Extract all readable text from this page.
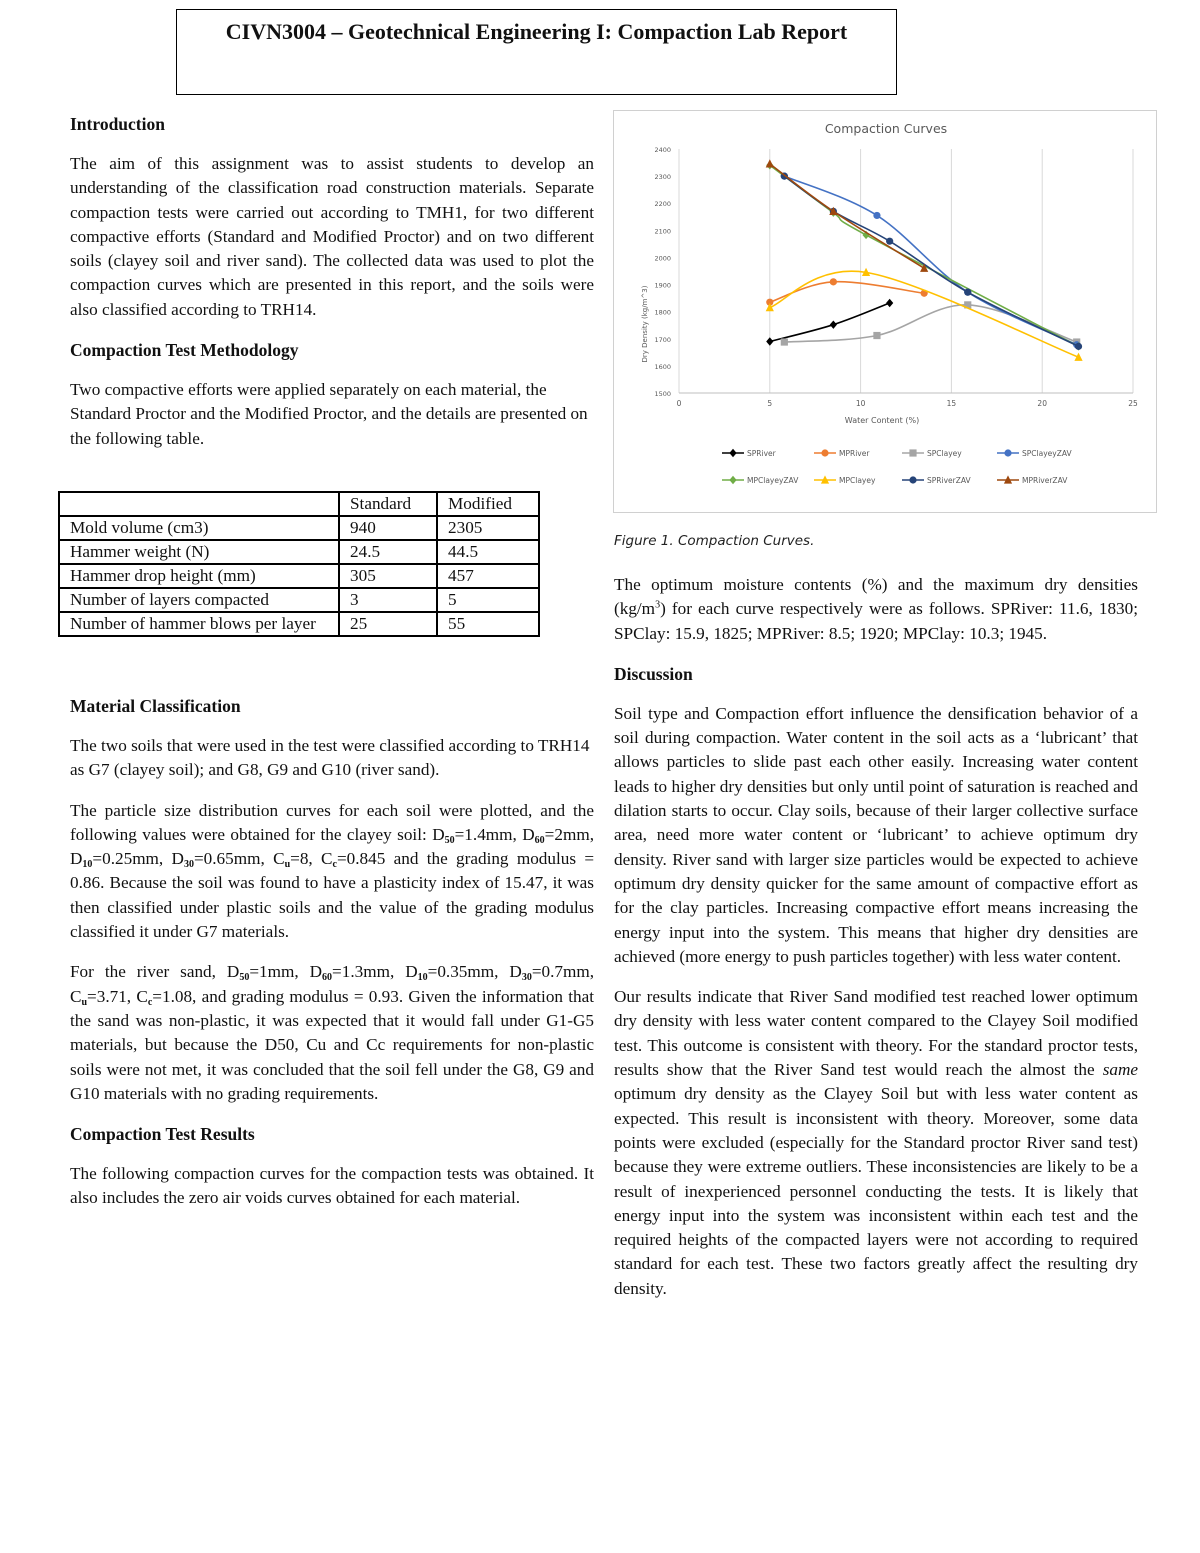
CIVN3004 – Geotechnical Engineering I: Compaction Lab Report
Introduction

The aim of this assignment was to assist students to develop an understanding of the classification road construction materials. Separate compaction tests were carried out according to TMH1, for two different compactive efforts (Standard and Modified Proctor) and on two different soils (clayey soil and river sand). The collected data was used to plot the compaction curves which are presented in this report, and the soils were also classified according to TRH14.

Compaction Test Methodology

Two compactive efforts were applied separately on each material, the Standard Proctor and the Modified Proctor, and the details are presented on the following table.

	Standard	Modified
Mold volume (cm3)	940	2305
Hammer weight (N)	24.5	44.5
Hammer drop height (mm)	305	457
Number of layers compacted	3	5
Number of hammer blows per layer	25	55
Material Classification

The two soils that were used in the test were classified according to TRH14 as G7 (clayey soil); and G8, G9 and G10 (river sand).

The particle size distribution curves for each soil were plotted, and the following values were obtained for the clayey soil: $D_{50}=1.4mm$, $D_{60}=2mm$, $D_{10}=0.25mm$, $D_{30}=0.65mm$, $C_u=8$, $C_c=0.845$ and the grading modulus = 0.86. Because the soil was found to have a plasticity index of 15.47, it was then classified under plastic soils and the value of the grading modulus classified it under G7 materials.

For the river sand, $D_{50}=1mm$, $D_{60}=1.3mm$, $D_{10}=0.35mm$, $D_{30}=0.7mm$, $C_u=3.71$, $C_c=1.08$, and grading modulus = 0.93. Given the information that the sand was non-plastic, it was expected that it would fall under G1-G5 materials, but because the D50, Cu and Cc requirements for non-plastic soils were not met, it was concluded that the soil fell under the G8, G9 and G10 materials with no grading requirements.

Compaction Test Results

The following compaction curves for the compaction tests was obtained. It also includes the zero air voids curves obtained for each material.

Compaction Curves
0	5	10	15	20	25
1500
1600
1700
1800
1900
2000
2100
2200
2300
2400
Water Content (%)
Dry Density (kg/m^3)
SPRiver	MPRiver	SPClayey	SPClayeyZAV
MPClayeyZAV	MPClayey	SPRiverZAV	MPRiverZAV
Figure 1. Compaction Curves.

The optimum moisture contents (%) and the maximum dry densities $(kg/m^3)$ for each curve respectively were as follows. SPRiver: 11.6, 1830; SPClay: 15.9, 1825; MPRiver: 8.5; 1920; MPClay: 10.3; 1945.

Discussion

Soil type and Compaction effort influence the densification behavior of a soil during compaction. Water content in the soil acts as a ‘lubricant’ that allows particles to slide past each other easily. Increasing water content leads to higher dry densities but only until point of saturation is reached and dilation starts to occur. Clay soils, because of their larger collective surface area, need more water content or ‘lubricant’ to achieve optimum dry density. River sand with larger size particles would be expected to achieve optimum dry density quicker for the same amount of compactive effort as for the clay particles. Increasing compactive effort means increasing the energy input into the system. This means that higher dry densities are achieved (more energy to push particles together) with less water content.

Our results indicate that River Sand modified test reached lower optimum dry density with less water content compared to the Clayey Soil modified test. This outcome is consistent with theory. For the standard proctor tests, results show that the River Sand test would reach the almost the same optimum dry density as the Clayey Soil but with less water content as expected. This result is inconsistent with theory. Moreover, some data points were excluded (especially for the Standard proctor River sand test) because they were extreme outliers. These inconsistencies are likely to be a result of inexperienced personnel conducting the tests. It is likely that energy input into the system was inconsistent within each test and the required heights of the compacted layers were not according to required standard for each test. These two factors greatly affect the resulting dry density.
